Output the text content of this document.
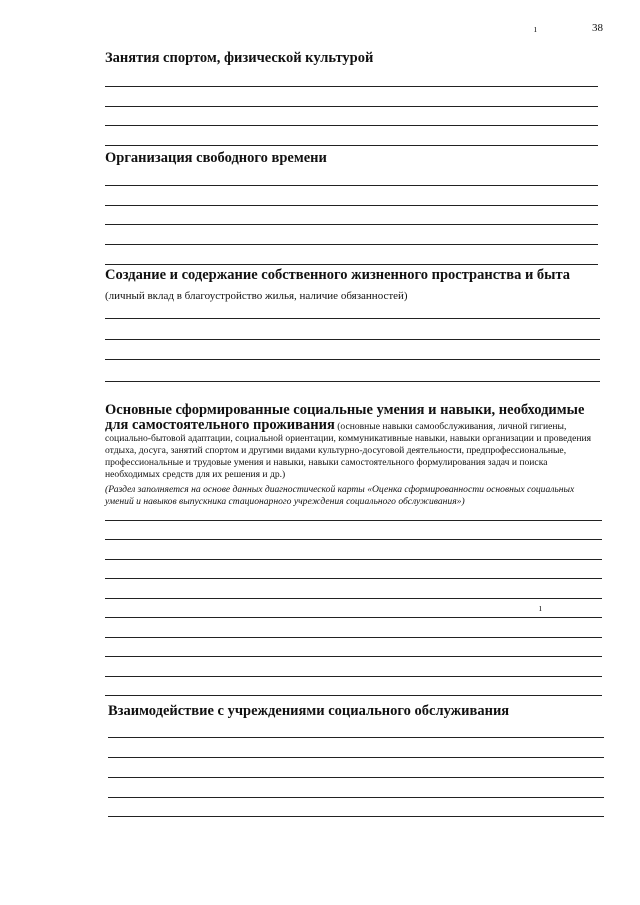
ı	38
Занятия спортом, физической культурой
Организация свободного времени
Создание и содержание собственного жизненного пространства и быта
(личный вклад в благоустройство жилья, наличие обязанностей)
Основные сформированные социальные умения и навыки, необходимые
для самостоятельного проживания (основные навыки самообслуживания, личной гигиены, социально-бытовой адаптации, социальной ориентации, коммуникативные навыки, навыки организации и проведения отдыха, досуга, занятий спортом и другими видами культурно-досуговой деятельности, предпрофессиональные, профессиональные и трудовые умения и навыки, навыки самостоятельного формулирования задач и поиска необходимых средств для их решения и др.)
(Раздел заполняется на основе данных диагностической карты «Оценка сформированности основных социальных умений и навыков выпускника стационарного учреждения социального обслуживания»)
ı
Взаимодействие с учреждениями социального обслуживания
